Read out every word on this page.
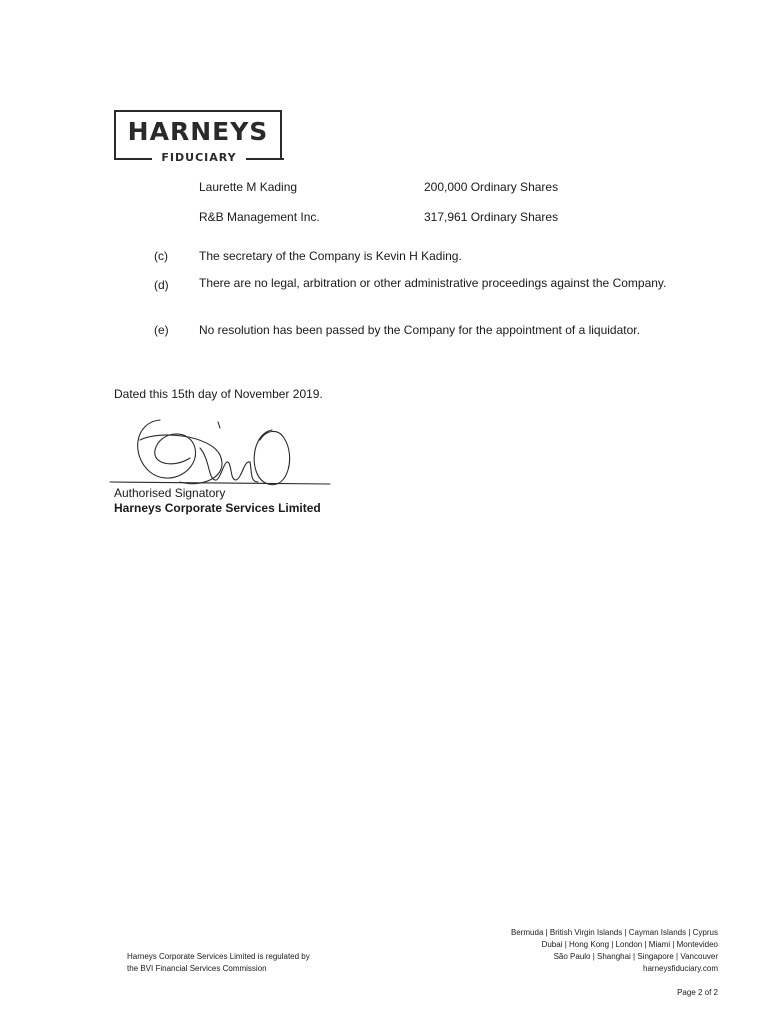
HARNEYS
FIDUCIARY
Laurette M Kading	200,000 Ordinary Shares
R&B Management Inc.	317,961 Ordinary Shares
(c)	The secretary of the Company is Kevin H Kading.
(d)	There are no legal, arbitration or other administrative proceedings against the Company.
(e)	No resolution has been passed by the Company for the appointment of a liquidator.
Dated this 15th day of November 2019.
Authorised Signatory
Harneys Corporate Services Limited
Harneys Corporate Services Limited is regulated by
the BVI Financial Services Commission
Bermuda | British Virgin Islands | Cayman Islands | Cyprus
Dubai | Hong Kong | London | Miami | Montevideo
São Paulo | Shanghai | Singapore | Vancouver
harneysfiduciary.com
Page 2 of 2
